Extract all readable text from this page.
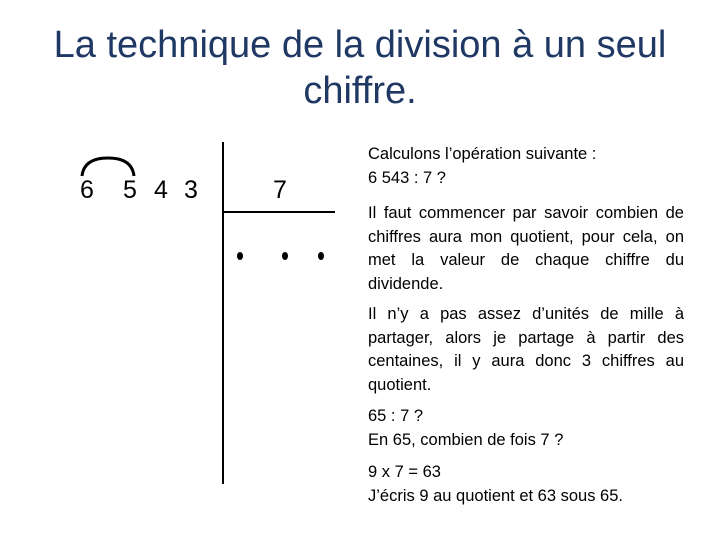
La technique de la division à un seul
chiffre.
6 5 4 3	7
Calculons l’opération suivante :
6 543 : 7 ?
Il faut commencer par savoir combien de chiffres aura mon quotient, pour cela, on met la valeur de chaque chiffre du dividende.
Il n’y a pas assez d’unités de mille à partager, alors je partage à partir des centaines, il y aura donc 3 chiffres au quotient.
65 : 7 ?
En 65, combien de fois 7 ?
9 x 7 = 63
J’écris 9 au quotient et 63 sous 65.
